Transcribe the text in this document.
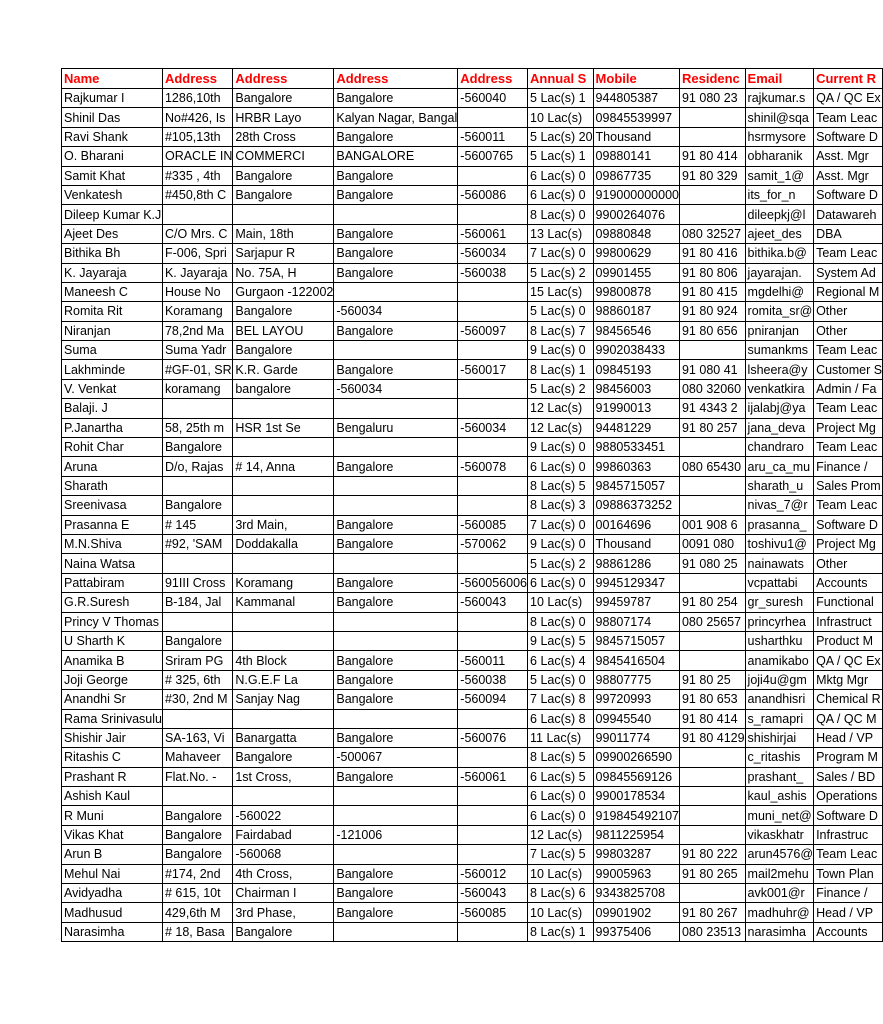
Name	Address	Address	Address	Address	Annual S	Mobile	Residenc	Email	Current R
Rajkumar I	1286,10th	Bangalore	Bangalore	-560040	5 Lac(s) 1	944805387	91 080 23	rajkumar.s	QA / QC Ex
Shinil Das	No#426, Is	HRBR Layo	Kalyan Nagar, Bangal		10 Lac(s)	09845539997		shinil@sqa	Team Leac
Ravi Shank	#105,13th	28th Cross	Bangalore	-560011	5 Lac(s) 20	Thousand		hsrmysore	Software D
O. Bharani	ORACLE IN	COMMERCI	BANGALORE	-5600765	5 Lac(s) 1	09880141	91 80 414	obharanik	Asst. Mgr
Samit Khat	#335 , 4th	Bangalore	Bangalore		6 Lac(s) 0	09867735	91 80 329	samit_1@	Asst. Mgr
Venkatesh	#450,8th C	Bangalore	Bangalore	-560086	6 Lac(s) 0	919000000000		its_for_n	Software D
Dileep Kumar K.J					8 Lac(s) 0	9900264076		dileepkj@l	Datawareh
Ajeet Des	C/O Mrs. C	Main, 18th	Bangalore	-560061	13 Lac(s)	09880848	080 32527	ajeet_des	DBA
Bithika Bh	F-006, Spri	Sarjapur R	Bangalore	-560034	7 Lac(s) 0	99800629	91 80 416	bithika.b@	Team Leac
K. Jayaraja	K. Jayaraja	No. 75A, H	Bangalore	-560038	5 Lac(s) 2	09901455	91 80 806	jayarajan.	System Ad
Maneesh C	House No	Gurgaon -122002			15 Lac(s)	99800878	91 80 415	mgdelhi@	Regional M
Romita Rit	Koramang	Bangalore	-560034		5 Lac(s) 0	98860187	91 80 924	romita_sr@	Other
Niranjan	78,2nd Ma	BEL LAYOU	Bangalore	-560097	8 Lac(s) 7	98456546	91 80 656	pniranjan	Other
Suma	Suma Yadr	Bangalore			9 Lac(s) 0	9902038433		sumankms	Team Leac
Lakhminde	#GF-01, SR	K.R. Garde	Bangalore	-560017	8 Lac(s) 1	09845193	91 080 41	lsheera@y	Customer S
V. Venkat	koramang	bangalore	-560034		5 Lac(s) 2	98456003	080 32060	venkatkira	Admin / Fa
Balaji. J					12 Lac(s)	91990013	91 4343 2	ijalabj@ya	Team Leac
P.Janartha	58, 25th m	HSR 1st Se	Bengaluru	-560034	12 Lac(s)	94481229	91 80 257	jana_deva	Project Mg
Rohit Char	Bangalore				9 Lac(s) 0	9880533451		chandraro	Team Leac
Aruna	D/o, Rajas	# 14, Anna	Bangalore	-560078	6 Lac(s) 0	99860363	080 65430	aru_ca_mu	Finance /
Sharath					8 Lac(s) 5	9845715057		sharath_u	Sales Prom
Sreenivasa	Bangalore				8 Lac(s) 3	09886373252		nivas_7@r	Team Leac
Prasanna E	# 145	3rd Main,	Bangalore	-560085	7 Lac(s) 0	00164696	001 908 6	prasanna_	Software D
M.N.Shiva	#92, 'SAM	Doddakalla	Bangalore	-570062	9 Lac(s) 0	Thousand	0091 080	toshivu1@	Project Mg
Naina Watsa					5 Lac(s) 2	98861286	91 080 25	nainawats	Other
Pattabiram	91III Cross	Koramang	Bangalore	-560056006	6 Lac(s) 0	9945129347		vcpattabi	Accounts
G.R.Suresh	B-184, Jal	Kammanal	Bangalore	-560043	10 Lac(s)	99459787	91 80 254	gr_suresh	Functional
Princy V Thomas					8 Lac(s) 0	98807174	080 25657	princyrhea	Infrastruct
U Sharth K	Bangalore				9 Lac(s) 5	9845715057		usharthku	Product M
Anamika B	Sriram PG	4th Block	Bangalore	-560011	6 Lac(s) 4	9845416504		anamikabo	QA / QC Ex
Joji George	# 325, 6th	N.G.E.F La	Bangalore	-560038	5 Lac(s) 0	98807775	91 80 25	joji4u@gm	Mktg Mgr
Anandhi Sr	#30, 2nd M	Sanjay Nag	Bangalore	-560094	7 Lac(s) 8	99720993	91 80 653	anandhisri	Chemical R
Rama Srinivasulu					6 Lac(s) 8	09945540	91 80 414	s_ramapri	QA / QC M
Shishir Jair	SA-163, Vi	Banargatta	Bangalore	-560076	11 Lac(s)	99011774	91 80 4129	shishirjai	Head / VP
Ritashis C	Mahaveer	Bangalore	-500067		8 Lac(s) 5	09900266590		c_ritashis	Program M
Prashant R	Flat.No. -	1st Cross,	Bangalore	-560061	6 Lac(s) 5	09845569126		prashant_	Sales / BD
Ashish Kaul					6 Lac(s) 0	9900178534		kaul_ashis	Operations
R Muni	Bangalore	-560022			6 Lac(s) 0	919845492107		muni_net@	Software D
Vikas Khat	Bangalore	Fairdabad	-121006		12 Lac(s)	9811225954		vikaskhatr	Infrastruc
Arun B	Bangalore	-560068			7 Lac(s) 5	99803287	91 80 222	arun4576@	Team Leac
Mehul Nai	#174, 2nd	4th Cross,	Bangalore	-560012	10 Lac(s)	99005963	91 80 265	mail2mehu	Town Plan
Avidyadha	# 615, 10t	Chairman I	Bangalore	-560043	8 Lac(s) 6	9343825708		avk001@r	Finance /
Madhusud	429,6th M	3rd Phase,	Bangalore	-560085	10 Lac(s)	09901902	91 80 267	madhuhr@	Head / VP
Narasimha	# 18, Basa	Bangalore			8 Lac(s) 1	99375406	080 23513	narasimha	Accounts
